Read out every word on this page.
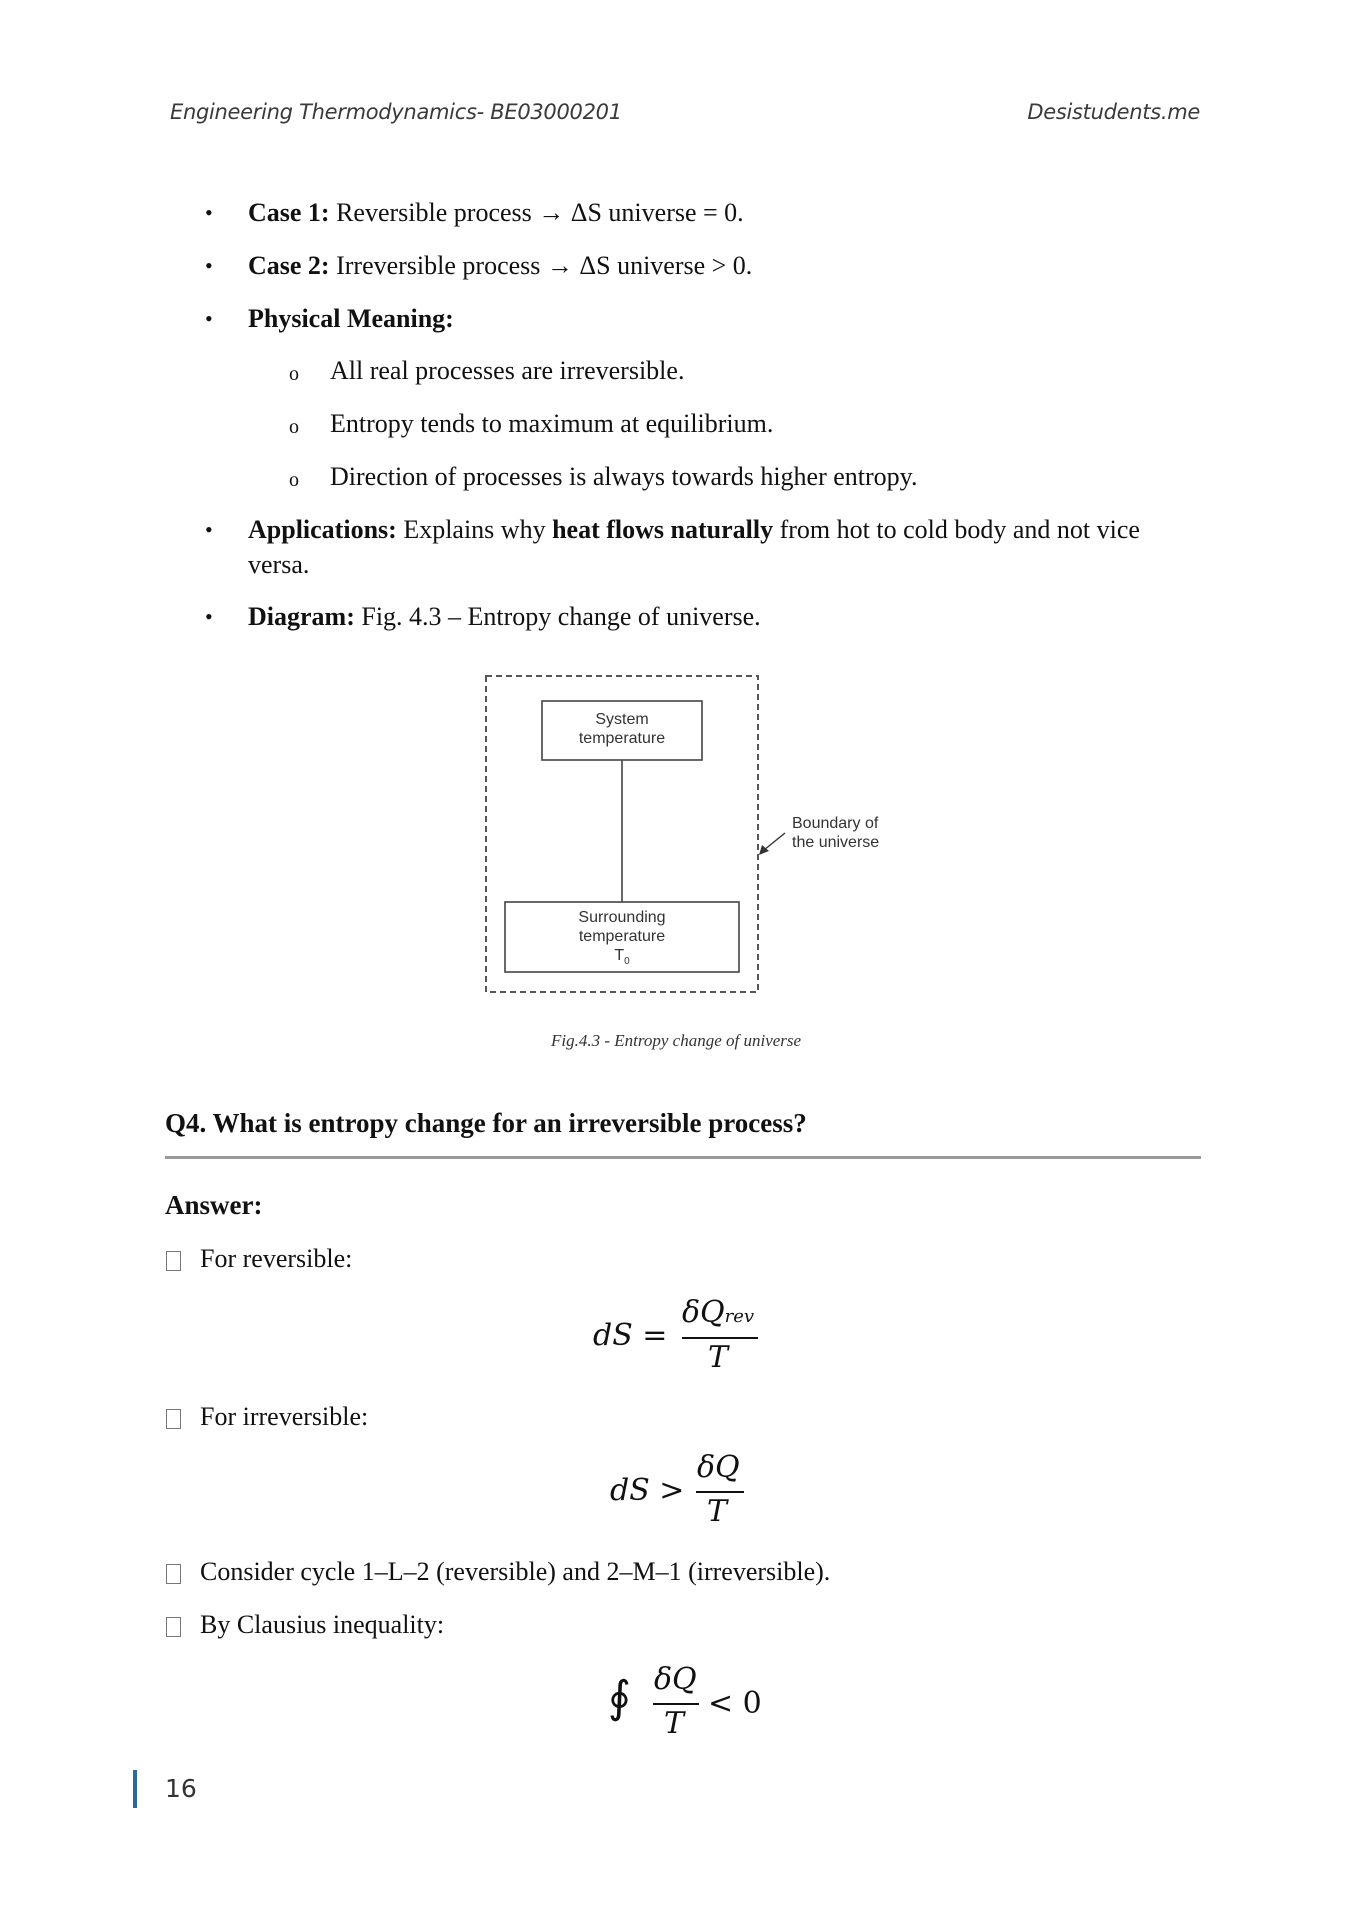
Engineering Thermodynamics- BE03000201	Desistudents.me
• Case 1: Reversible process → ΔS universe = 0.
• Case 2: Irreversible process → ΔS universe > 0.
• Physical Meaning:
o All real processes are irreversible.
o Entropy tends to maximum at equilibrium.
o Direction of processes is always towards higher entropy.
• Applications: Explains why heat flows naturally from hot to cold body and not vice
versa.
• Diagram: Fig. 4.3 – Entropy change of universe.
System
temperature
Surrounding
temperature
$T_0$
Boundary of
the universe
Fig.4.3 - Entropy change of universe
Q4. What is entropy change for an irreversible process?
Answer:
For reversible:
dS =
δQrev
T
For irreversible:
dS >
δQ
T
Consider cycle 1–L–2 (reversible) and 2–M–1 (irreversible).
By Clausius inequality:
∮ δQ
T
< 0
16
